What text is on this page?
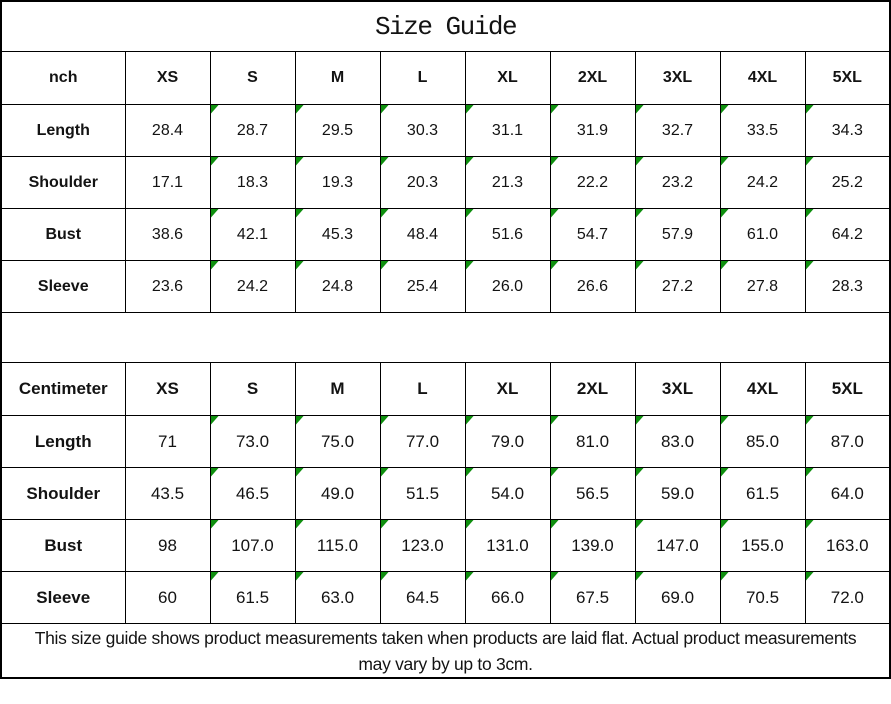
Size Guide									
nch	XS	S	M	L	XL	2XL	3XL	4XL	5XL
Length	28.4	28.7	29.5	30.3	31.1	31.9	32.7	33.5	34.3

Shoulder	17.1	18.3	19.3	20.3	21.3	22.2	23.2	24.2	25.2

Bust	38.6	42.1	45.3	48.4	51.6	54.7	57.9	61.0	64.2

Sleeve	23.6	24.2	24.8	25.4	26.0	26.6	27.2	27.8	28.3

Centimeter	XS	S	M	L	XL	2XL	3XL	4XL	5XL
Length	71	73.0	75.0	77.0	79.0	81.0	83.0	85.0	87.0

Shoulder	43.5	46.5	49.0	51.5	54.0	56.5	59.0	61.5	64.0

Bust	98	107.0	115.0	123.0	131.0	139.0	147.0	155.0	163.0

Sleeve	60	61.5	63.0	64.5	66.0	67.5	69.0	70.5	72.0

This size guide shows product measurements taken when products are laid flat. Actual product measurements
may vary by up to 3cm.									
